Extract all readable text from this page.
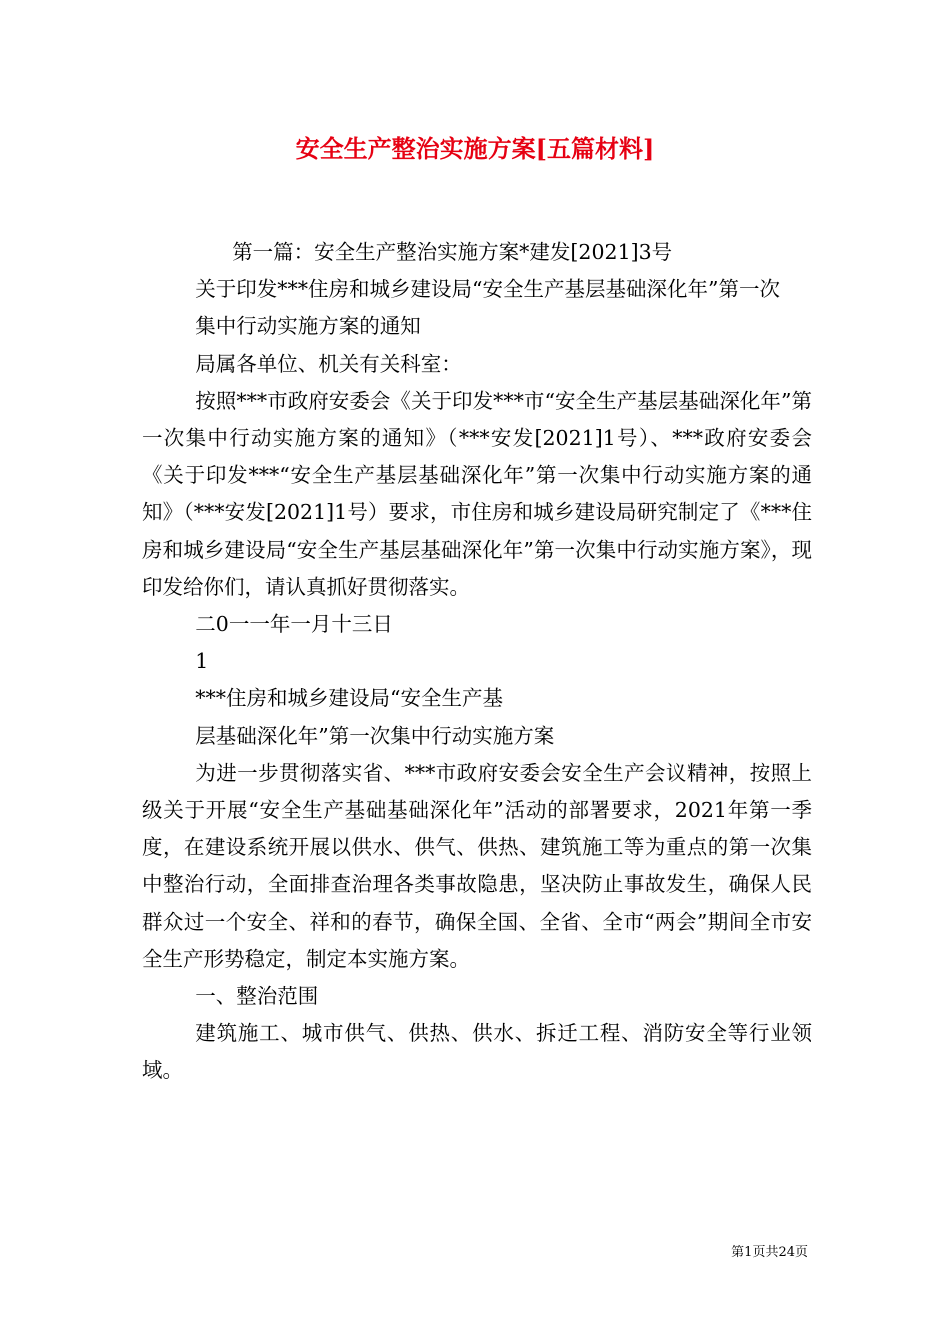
安全生产整治实施方案[五篇材料]

第一篇：安全生产整治实施方案*建发[2021]3号

关于印发***住房和城乡建设局“安全生产基层基础深化年”第一次

集中行动实施方案的通知

局属各单位、机关有关科室：

按照***市政府安委会《关于印发***市“安全生产基层基础深化年”第一次集中行动实施方案的通知》（***安发[2021]1号）、***政府安委会《关于印发***“安全生产基层基础深化年”第一次集中行动实施方案的通知》（***安发[2021]1号）要求，市住房和城乡建设局研究制定了《***住房和城乡建设局“安全生产基层基础深化年”第一次集中行动实施方案》，现印发给你们，请认真抓好贯彻落实。

二0一一年一月十三日

1

***住房和城乡建设局“安全生产基

层基础深化年”第一次集中行动实施方案

为进一步贯彻落实省、***市政府安委会安全生产会议精神，按照上级关于开展“安全生产基础基础深化年”活动的部署要求，2021年第一季度，在建设系统开展以供水、供气、供热、建筑施工等为重点的第一次集中整治行动，全面排查治理各类事故隐患，坚决防止事故发生，确保人民群众过一个安全、祥和的春节，确保全国、全省、全市“两会”期间全市安全生产形势稳定，制定本实施方案。

一、整治范围

建筑施工、城市供气、供热、供水、拆迁工程、消防安全等行业领域。

第1页共24页
